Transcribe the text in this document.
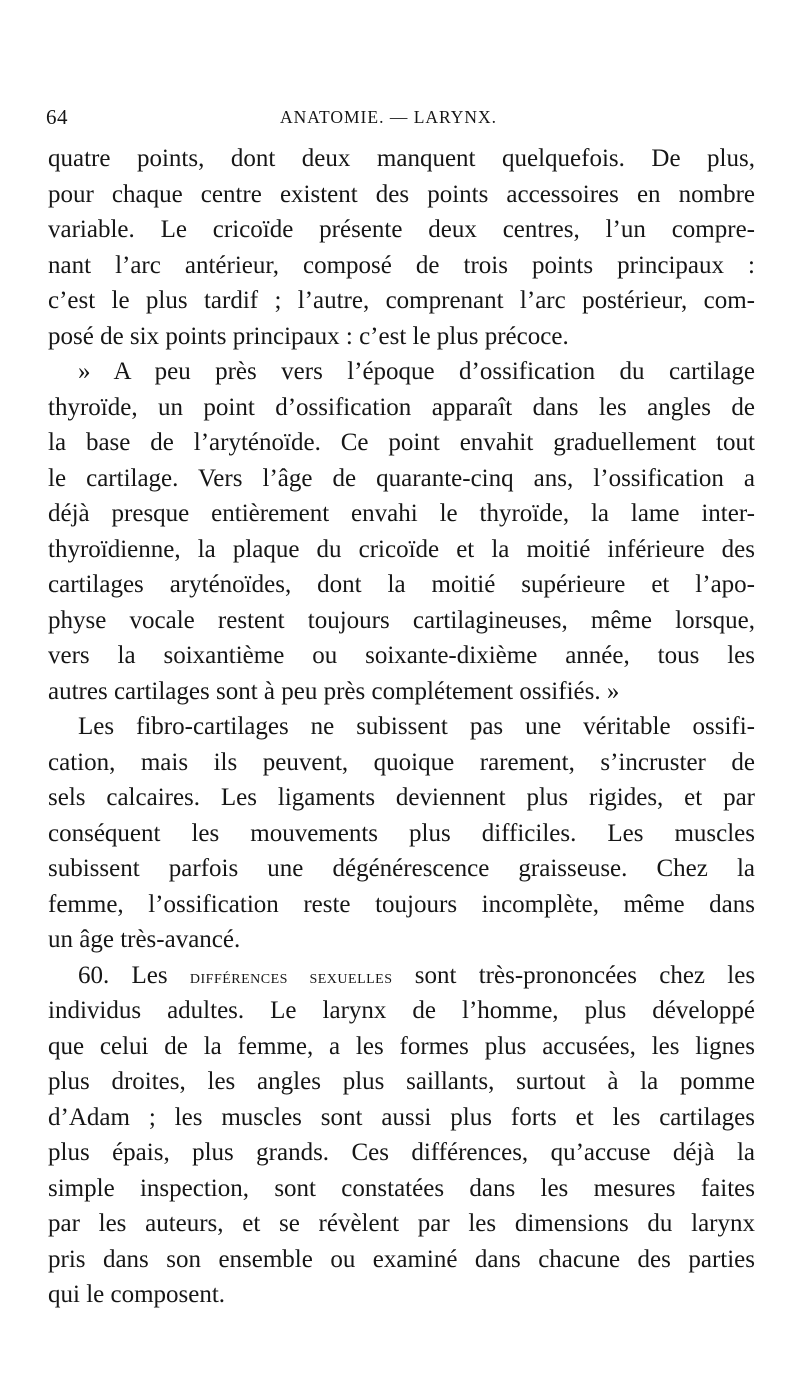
64	ANATOMIE. — LARYNX.
quatre points, dont deux manquent quelquefois. De plus,
pour chaque centre existent des points accessoires en nombre
variable. Le cricoïde présente deux centres, l’un compre-
nant l’arc antérieur, composé de trois points principaux :
c’est le plus tardif ; l’autre, comprenant l’arc postérieur, com-
posé de six points principaux : c’est le plus précoce.
» A peu près vers l’époque d’ossification du cartilage
thyroïde, un point d’ossification apparaît dans les angles de
la base de l’aryténoïde. Ce point envahit graduellement tout
le cartilage. Vers l’âge de quarante-cinq ans, l’ossification a
déjà presque entièrement envahi le thyroïde, la lame inter-
thyroïdienne, la plaque du cricoïde et la moitié inférieure des
cartilages aryténoïdes, dont la moitié supérieure et l’apo-
physe vocale restent toujours cartilagineuses, même lorsque,
vers la soixantième ou soixante-dixième année, tous les
autres cartilages sont à peu près complétement ossifiés. »
Les fibro-cartilages ne subissent pas une véritable ossifi-
cation, mais ils peuvent, quoique rarement, s’incruster de
sels calcaires. Les ligaments deviennent plus rigides, et par
conséquent les mouvements plus difficiles. Les muscles
subissent parfois une dégénérescence graisseuse. Chez la
femme, l’ossification reste toujours incomplète, même dans
un âge très-avancé.
60. Les différences sexuelles sont très-prononcées chez les
individus adultes. Le larynx de l’homme, plus développé
que celui de la femme, a les formes plus accusées, les lignes
plus droites, les angles plus saillants, surtout à la pomme
d’Adam ; les muscles sont aussi plus forts et les cartilages
plus épais, plus grands. Ces différences, qu’accuse déjà la
simple inspection, sont constatées dans les mesures faites
par les auteurs, et se révèlent par les dimensions du larynx
pris dans son ensemble ou examiné dans chacune des parties
qui le composent.
